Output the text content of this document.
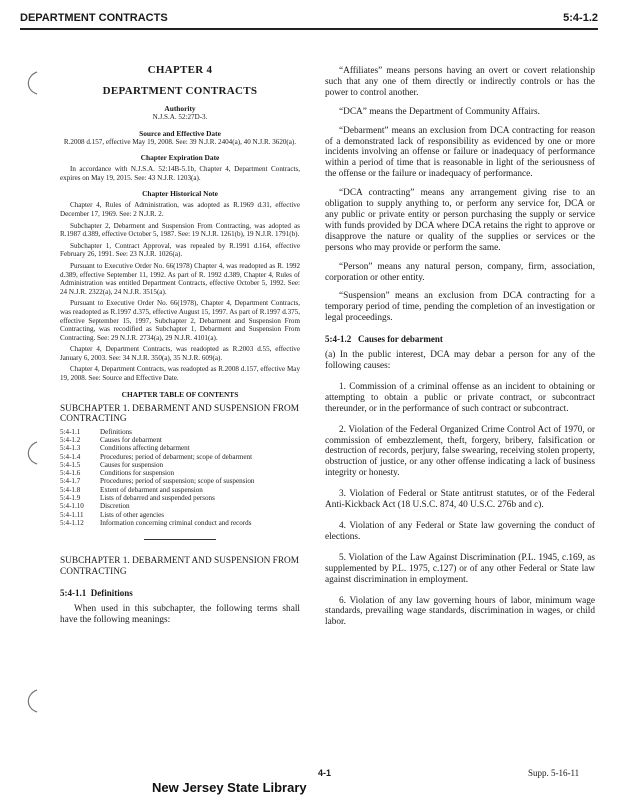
DEPARTMENT CONTRACTS	5:4-1.2
CHAPTER 4
DEPARTMENT CONTRACTS
Authority
N.J.S.A. 52:27D-3.
Source and Effective Date
R.2008 d.157, effective May 19, 2008. See: 39 N.J.R. 2404(a), 40 N.J.R. 3620(a).
Chapter Expiration Date
In accordance with N.J.S.A. 52:14B-5.1b, Chapter 4, Department Contracts, expires on May 19, 2015. See: 43 N.J.R. 1203(a).
Chapter Historical Note
Chapter 4, Rules of Administration, was adopted as R.1969 d.31, effective December 17, 1969. See: 2 N.J.R. 2.
Subchapter 2, Debarment and Suspension From Contracting, was adopted as R.1987 d.389, effective October 5, 1987. See: 19 N.J.R. 1261(b), 19 N.J.R. 1791(b).
Subchapter 1, Contract Approval, was repealed by R.1991 d.164, effective February 26, 1991. See: 23 N.J.R. 1026(a).
Pursuant to Executive Order No. 66(1978) Chapter 4, was readopted as R. 1992 d.389, effective September 11, 1992. As part of R. 1992 d.389, Chapter 4, Rules of Administration was entitled Department Contracts, effective October 5, 1992. See: 24 N.J.R. 2322(a), 24 N.J.R. 3515(a).
Pursuant to Executive Order No. 66(1978), Chapter 4, Department Contracts, was readopted as R.1997 d.375, effective August 15, 1997. As part of R.1997 d.375, effective September 15, 1997, Subchapter 2, Debarment and Suspension From Contracting, was recodified as Subchapter 1, Debarment and Suspension From Contracting. See: 29 N.J.R. 2734(a), 29 N.J.R. 4101(a).
Chapter 4, Department Contracts, was readopted as R.2003 d.55, effective January 6, 2003. See: 34 N.J.R. 350(a), 35 N.J.R. 609(a).
Chapter 4, Department Contracts, was readopted as R.2008 d.157, effective May 19, 2008. See: Source and Effective Date.
CHAPTER TABLE OF CONTENTS
SUBCHAPTER 1. DEBARMENT AND SUSPENSION FROM CONTRACTING
5:4-1.1	Definitions
5:4-1.2	Causes for debarment
5:4-1.3	Conditions affecting debarment
5:4-1.4	Procedures; period of debarment; scope of debarment
5:4-1.5	Causes for suspension
5:4-1.6	Conditions for suspension
5:4-1.7	Procedures; period of suspension; scope of suspension
5:4-1.8	Extent of debarment and suspension
5:4-1.9	Lists of debarred and suspended persons
5:4-1.10	Discretion
5:4-1.11	Lists of other agencies
5:4-1.12	Information concerning criminal conduct and records
SUBCHAPTER 1. DEBARMENT AND SUSPENSION FROM CONTRACTING
5:4-1.1 Definitions
When used in this subchapter, the following terms shall have the following meanings:

“Affiliates” means persons having an overt or covert relationship such that any one of them directly or indirectly controls or has the power to control another.

“DCA” means the Department of Community Affairs.

“Debarment” means an exclusion from DCA contracting for reason of a demonstrated lack of responsibility as evidenced by one or more incidents involving an offense or failure or inadequacy of performance within a period of time that is reasonable in light of the seriousness of the offense or the failure or inadequacy of performance.

“DCA contracting” means any arrangement giving rise to an obligation to supply anything to, or perform any service for, DCA or any public or private entity or person purchasing the supply or service with funds provided by DCA where DCA retains the right to approve or disapprove the nature or quality of the supplies or services or the persons who may provide or perform the same.

“Person” means any natural person, company, firm, association, corporation or other entity.

“Suspension” means an exclusion from DCA contracting for a temporary period of time, pending the completion of an investigation or legal proceedings.

5:4-1.2 Causes for debarment

(a) In the public interest, DCA may debar a person for any of the following causes:

1. Commission of a criminal offense as an incident to obtaining or attempting to obtain a public or private contract, or subcontract thereunder, or in the performance of such contract or subcontract.

2. Violation of the Federal Organized Crime Control Act of 1970, or commission of embezzlement, theft, forgery, bribery, falsification or destruction of records, perjury, false swearing, receiving stolen property, obstruction of justice, or any other offense indicating a lack of business integrity or honesty.

3. Violation of Federal or State antitrust statutes, or of the Federal Anti-Kickback Act (18 U.S.C. 874, 40 U.S.C. 276b and c).

4. Violation of any Federal or State law governing the conduct of elections.

5. Violation of the Law Against Discrimination (P.L. 1945, c.169, as supplemented by P.L. 1975, c.127) or of any other Federal or State law against discrimination in employment.

6. Violation of any law governing hours of labor, minimum wage standards, prevailing wage standards, discrimination in wages, or child labor.

4-1	Supp. 5-16-11
New Jersey State Library
